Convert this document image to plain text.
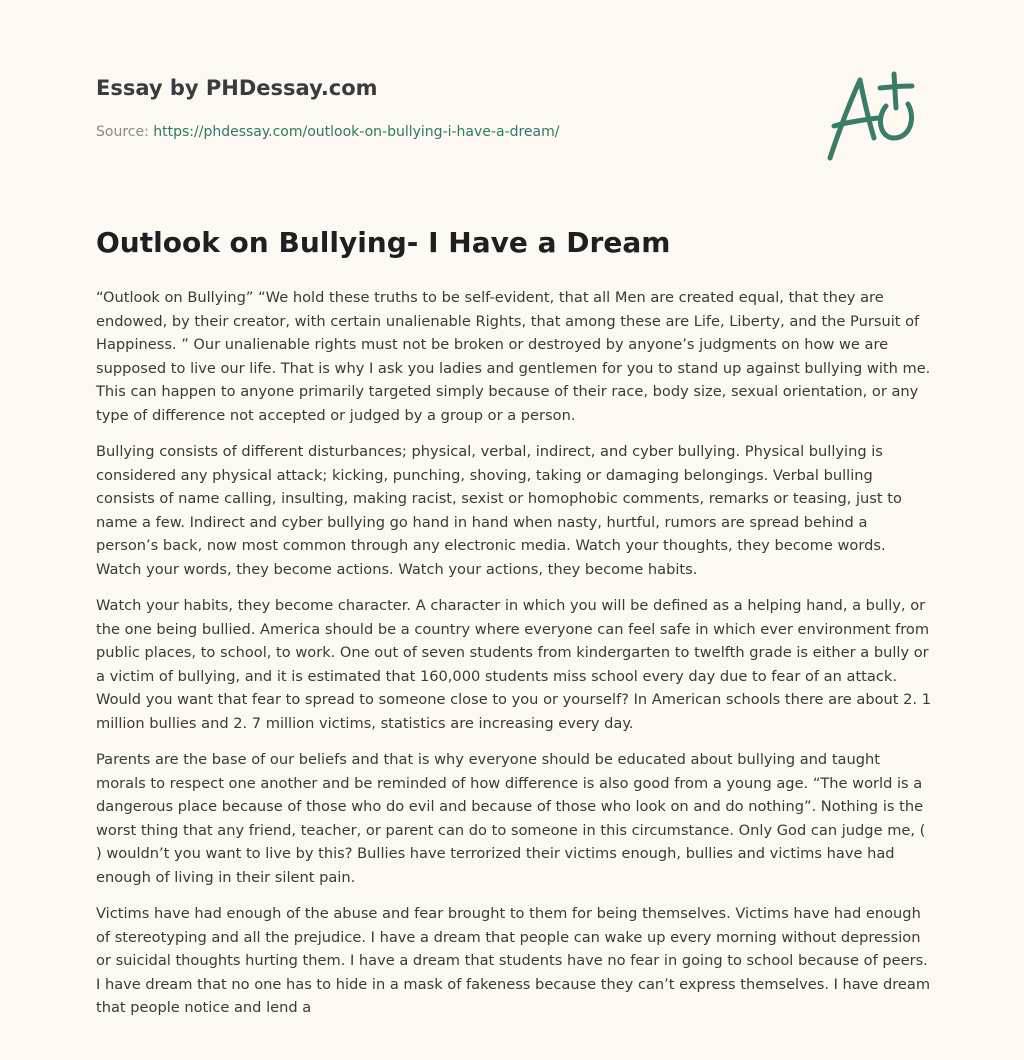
Essay by PHDessay.com
Source: https://phdessay.com/outlook-on-bullying-i-have-a-dream/
Outlook on Bullying- I Have a Dream

“Outlook on Bullying” “We hold these truths to be self-evident, that all Men are created equal, that they are endowed, by their creator, with certain unalienable Rights, that among these are Life, Liberty, and the Pursuit of Happiness. ” Our unalienable rights must not be broken or destroyed by anyone’s judgments on how we are supposed to live our life. That is why I ask you ladies and gentlemen for you to stand up against bullying with me. This can happen to anyone primarily targeted simply because of their race, body size, sexual orientation, or any type of difference not accepted or judged by a group or a person.

Bullying consists of different disturbances; physical, verbal, indirect, and cyber bullying. Physical bullying is considered any physical attack; kicking, punching, shoving, taking or damaging belongings. Verbal bulling consists of name calling, insulting, making racist, sexist or homophobic comments, remarks or teasing, just to name a few. Indirect and cyber bullying go hand in hand when nasty, hurtful, rumors are spread behind a person’s back, now most common through any electronic media. Watch your thoughts, they become words. Watch your words, they become actions. Watch your actions, they become habits.

Watch your habits, they become character. A character in which you will be defined as a helping hand, a bully, or the one being bullied. America should be a country where everyone can feel safe in which ever environment from public places, to school, to work. One out of seven students from kindergarten to twelfth grade is either a bully or a victim of bullying, and it is estimated that 160,000 students miss school every day due to fear of an attack. Would you want that fear to spread to someone close to you or yourself? In American schools there are about 2. 1 million bullies and 2. 7 million victims, statistics are increasing every day.

Parents are the base of our beliefs and that is why everyone should be educated about bullying and taught morals to respect one another and be reminded of how difference is also good from a young age. “The world is a dangerous place because of those who do evil and because of those who look on and do nothing”. Nothing is the worst thing that any friend, teacher, or parent can do to someone in this circumstance. Only God can judge me, ( ) wouldn’t you want to live by this? Bullies have terrorized their victims enough, bullies and victims have had enough of living in their silent pain.

Victims have had enough of the abuse and fear brought to them for being themselves. Victims have had enough of stereotyping and all the prejudice. I have a dream that people can wake up every morning without depression or suicidal thoughts hurting them. I have a dream that students have no fear in going to school because of peers. I have dream that no one has to hide in a mask of fakeness because they can’t express themselves. I have dream that people notice and lend a
